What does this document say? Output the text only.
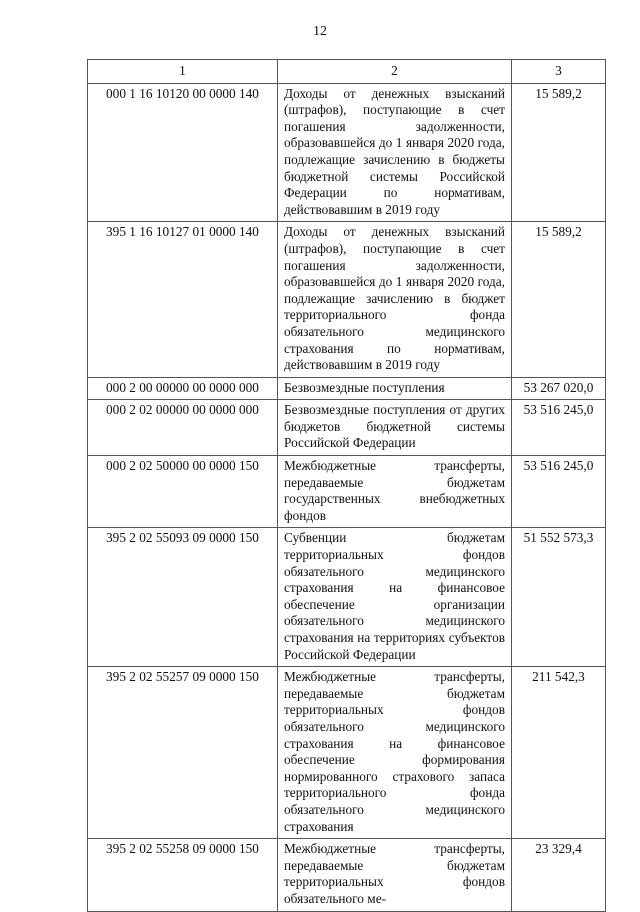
12
1	2	3
000 1 16 10120 00 0000 140	Доходы от денежных взысканий (штрафов), поступающие в счет погашения задолженности, образовавшейся до 1 января 2020 года, подлежащие зачислению в бюджеты бюджетной системы Российской Федерации по нормативам, действовавшим в 2019 году	15 589,2
395 1 16 10127 01 0000 140	Доходы от денежных взысканий (штрафов), поступающие в счет погашения задолженности, образовавшейся до 1 января 2020 года, подлежащие зачислению в бюджет территориального фонда обязательного медицинского страхования по нормативам, действовавшим в 2019 году	15 589,2
000 2 00 00000 00 0000 000	Безвозмездные поступления	53 267 020,0
000 2 02 00000 00 0000 000	Безвозмездные поступления от других бюджетов бюджетной системы Российской Федерации	53 516 245,0
000 2 02 50000 00 0000 150	Межбюджетные трансферты, передаваемые бюджетам государственных внебюджетных фондов	53 516 245,0
395 2 02 55093 09 0000 150	Субвенции бюджетам территориальных фондов обязательного медицинского страхования на финансовое обеспечение организации обязательного медицинского страхования на территориях субъектов Российской Федерации	51 552 573,3
395 2 02 55257 09 0000 150	Межбюджетные трансферты, передаваемые бюджетам территориальных фондов обязательного медицинского страхования на финансовое обеспечение формирования нормированного страхового запаса территориального фонда обязательного медицинского страхования	211 542,3
395 2 02 55258 09 0000 150	Межбюджетные трансферты, передаваемые бюджетам территориальных фондов обязательного ме-	23 329,4
